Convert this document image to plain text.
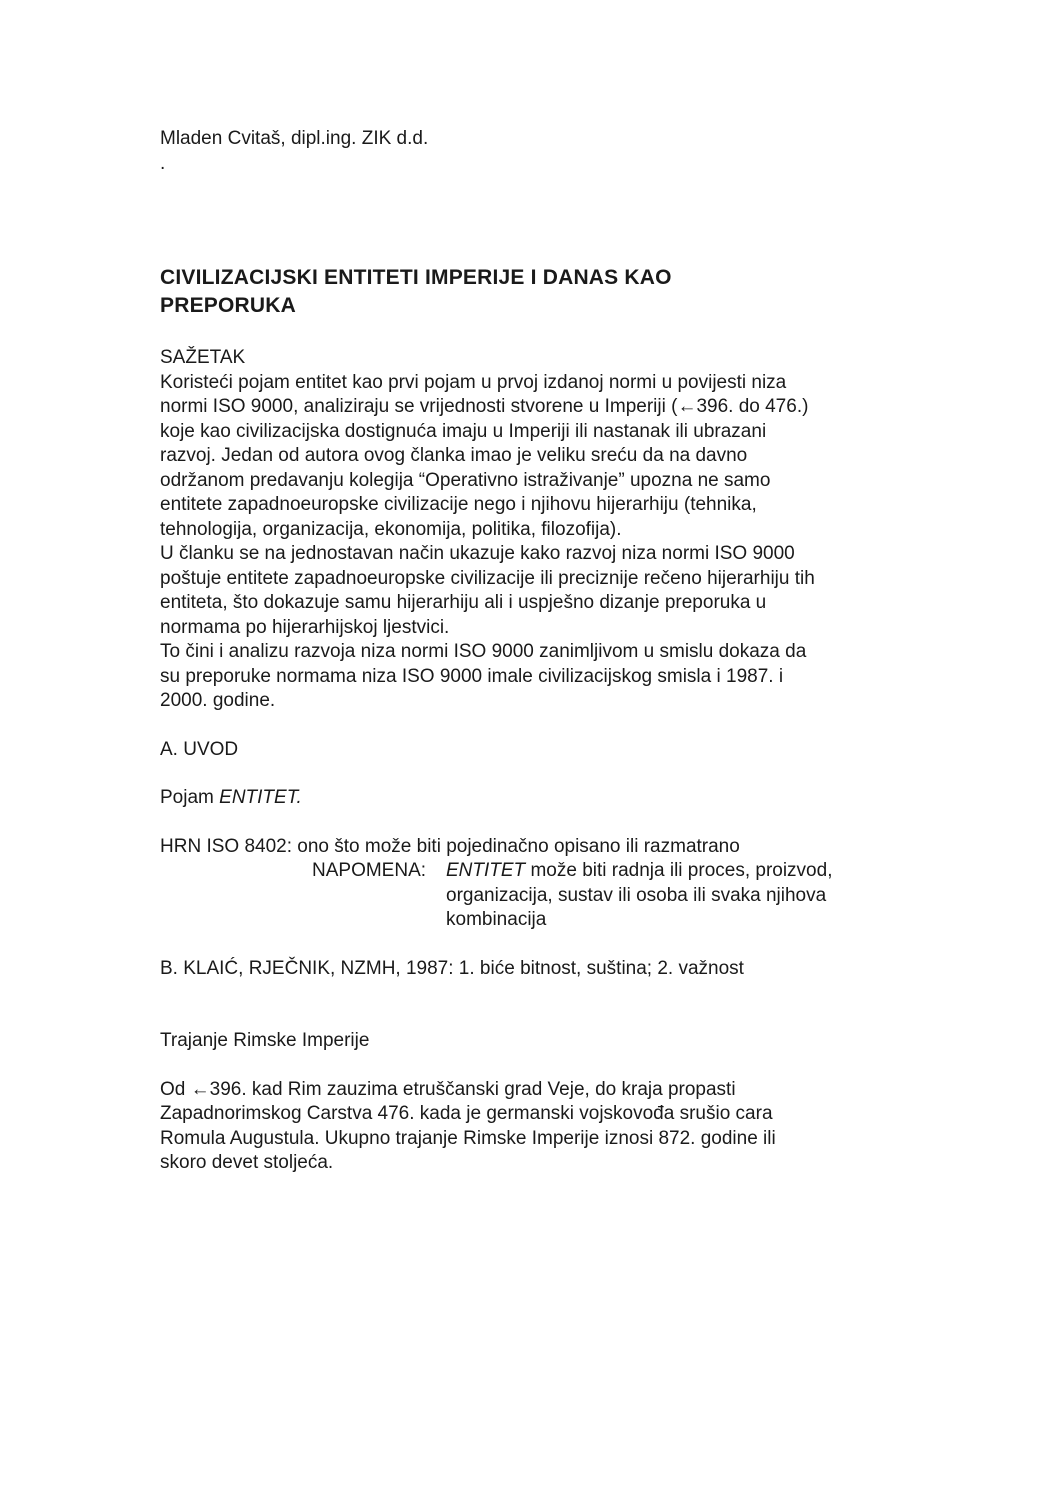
Mladen Cvitaš, dipl.ing. ZIK d.d.

.

CIVILIZACIJSKI ENTITETI IMPERIJE I DANAS KAO
PREPORUKA

SAŽETAK

Koristeći pojam entitet kao prvi pojam u prvoj izdanoj normi u povijesti niza
normi ISO 9000, analiziraju se vrijednosti stvorene u Imperiji (←396. do 476.)
koje kao civilizacijska dostignuća imaju u Imperiji ili nastanak ili ubrazani
razvoj. Jedan od autora ovog članka imao je veliku sreću da na davno
održanom predavanju kolegija “Operativno istraživanje” upozna ne samo
entitete zapadnoeuropske civilizacije nego i njihovu hijerarhiju (tehnika,
tehnologija, organizacija, ekonomija, politika, filozofija).

U članku se na jednostavan način ukazuje kako razvoj niza normi ISO 9000
poštuje entitete zapadnoeuropske civilizacije ili preciznije rečeno hijerarhiju tih
entiteta, što dokazuje samu hijerarhiju ali i uspješno dizanje preporuka u
normama po hijerarhijskoj ljestvici.

To čini i analizu razvoja niza normi ISO 9000 zanimljivom u smislu dokaza da
su preporuke normama niza ISO 9000 imale civilizacijskog smisla i 1987. i
2000. godine.

A. UVOD

Pojam ENTITET.

HRN ISO 8402: ono što može biti pojedinačno opisano ili razmatrano
NAPOMENA: ENTITET može biti radnja ili proces, proizvod,
organizacija, sustav ili osoba ili svaka njihova
kombinacija

B. KLAIĆ, RJEČNIK, NZMH, 1987: 1. biće bitnost, suština; 2. važnost

Trajanje Rimske Imperije

Od ←396. kad Rim zauzima etruščanski grad Veje, do kraja propasti
Zapadnorimskog Carstva 476. kada je germanski vojskovođa srušio cara
Romula Augustula. Ukupno trajanje Rimske Imperije iznosi 872. godine ili
skoro devet stoljeća.
